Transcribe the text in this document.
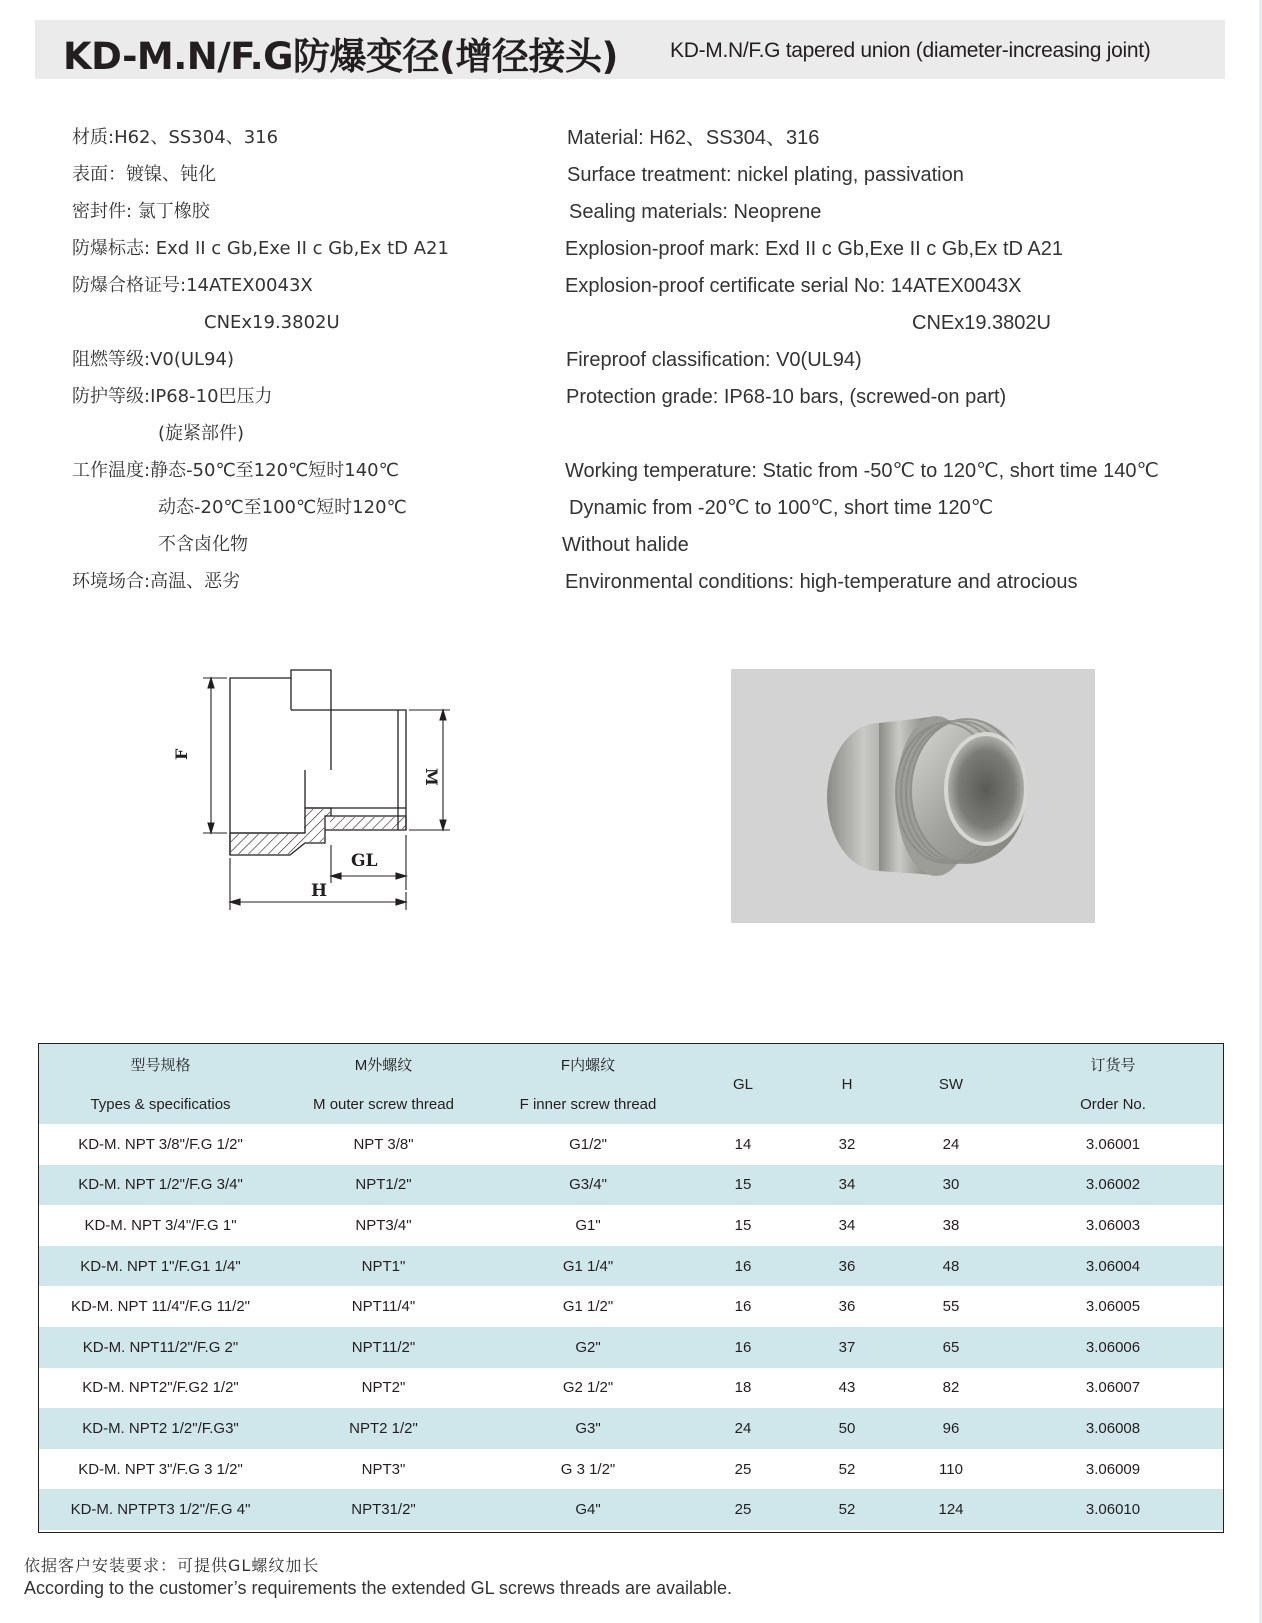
KD-M.N/F.G防爆变径(增径接头) KD-M.N/F.G tapered union (diameter-increasing joint)
材质:H62、SS304、316
表面：镀镍、钝化
密封件: 氯丁橡胶
防爆标志: Exd II c Gb,Exe II c Gb,Ex tD A21
防爆合格证号:14ATEX0043X
CNEx19.3802U
阻燃等级:V0(UL94)
防护等级:IP68-10巴压力
(旋紧部件)
工作温度:静态-50℃至120℃短时140℃
动态-20℃至100℃短时120℃
不含卤化物
环境场合:高温、恶劣
Material: H62、SS304、316
Surface treatment: nickel plating, passivation
Sealing materials: Neoprene
Explosion-proof mark: Exd II c Gb,Exe II c Gb,Ex tD A21
Explosion-proof certificate serial No: 14ATEX0043X
CNEx19.3802U
Fireproof classification: V0(UL94)
Protection grade: IP68-10 bars, (screwed-on part)
Working temperature: Static from -50℃ to 120℃, short time 140℃
Dynamic from -20℃ to 100℃, short time 120℃
Without halide
Environmental conditions: high-temperature and atrocious
F
M
GL
H
型号规格	M外螺纹	F内螺纹	GL	H	SW	订货号
Types & specificatios	M outer screw thread	F inner screw thread				Order No.
KD-M. NPT 3/8"/F.G 1/2"	NPT 3/8"	G1/2"	14	32	24	3.06001
KD-M. NPT 1/2"/F.G 3/4"	NPT1/2"	G3/4"	15	34	30	3.06002
KD-M. NPT 3/4"/F.G 1"	NPT3/4"	G1"	15	34	38	3.06003
KD-M. NPT 1"/F.G1 1/4"	NPT1"	G1 1/4"	16	36	48	3.06004
KD-M. NPT 11/4"/F.G 11/2"	NPT11/4"	G1 1/2"	16	36	55	3.06005
KD-M. NPT11/2"/F.G 2"	NPT11/2"	G2"	16	37	65	3.06006
KD-M. NPT2"/F.G2 1/2"	NPT2"	G2 1/2"	18	43	82	3.06007
KD-M. NPT2 1/2"/F.G3"	NPT2 1/2"	G3"	24	50	96	3.06008
KD-M. NPT 3"/F.G 3 1/2"	NPT3"	G 3 1/2"	25	52	110	3.06009
KD-M. NPTPT3 1/2"/F.G 4"	NPT31/2"	G4"	25	52	124	3.06010
依据客户安装要求：可提供GL螺纹加长
According to the customer’s requirements the extended GL screws threads are available.
